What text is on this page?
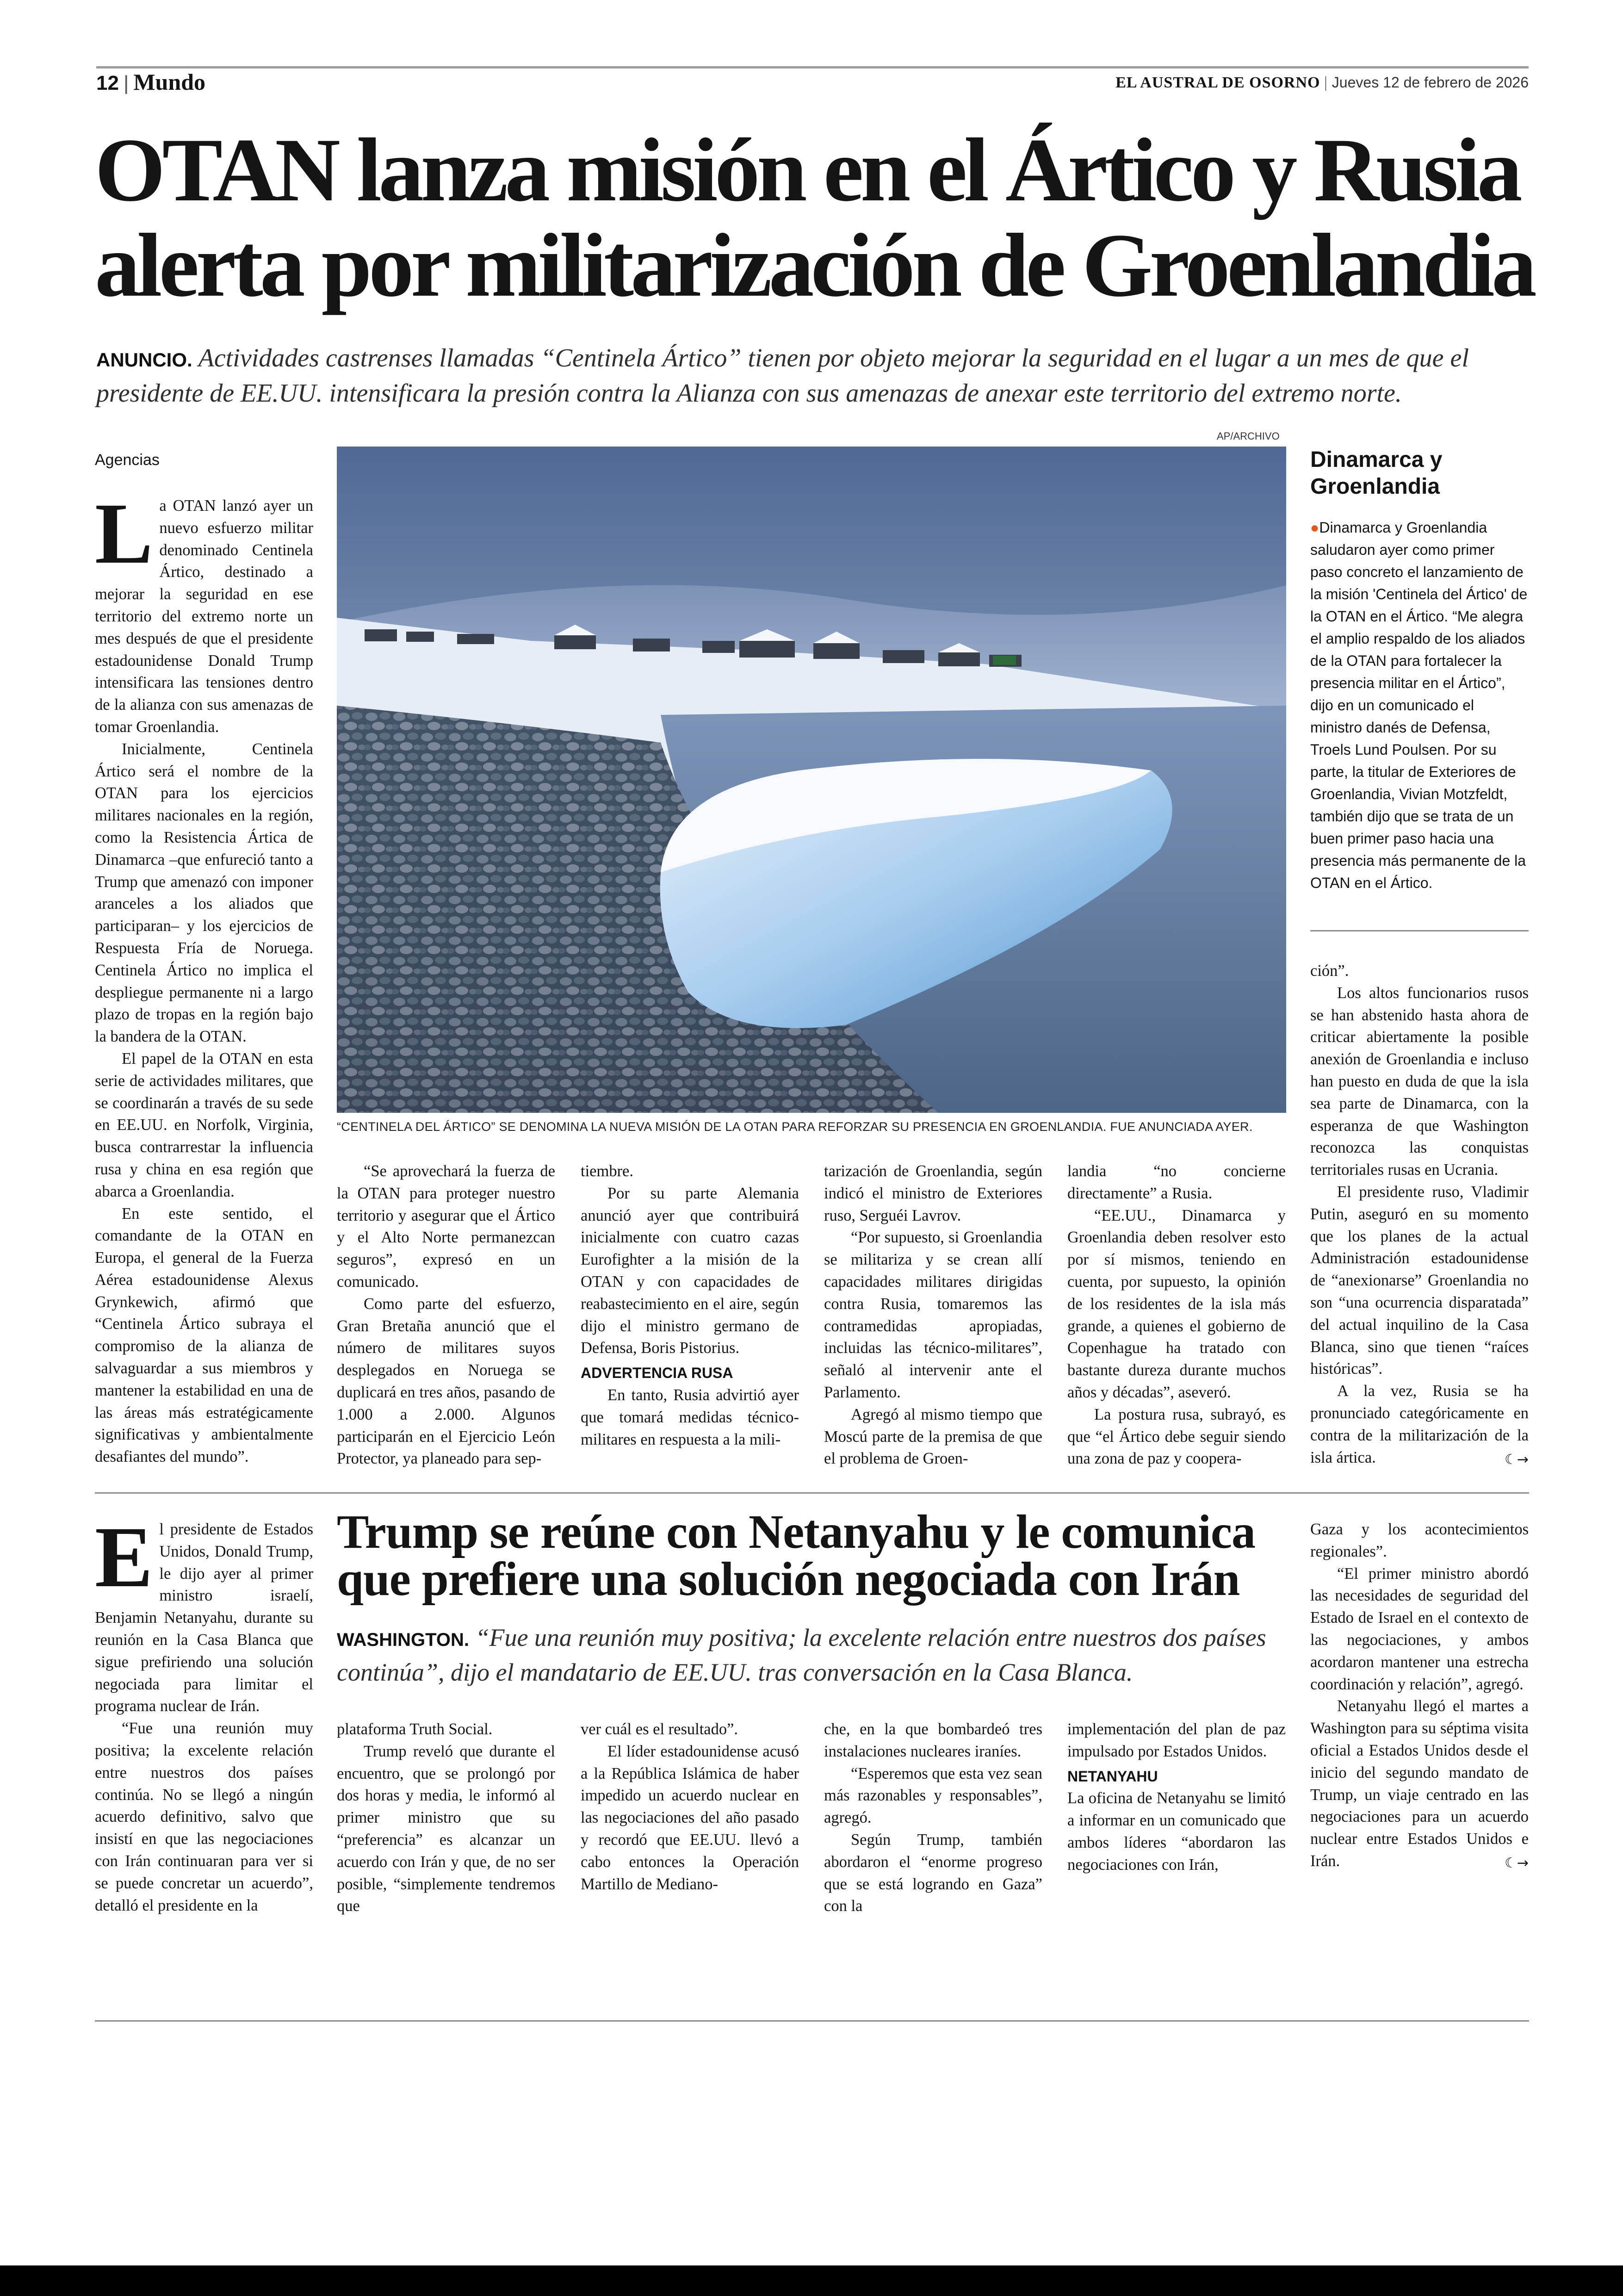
12 | Mundo	EL AUSTRAL DE OSORNO | Jueves 12 de febrero de 2026
OTAN lanza misión en el Ártico y Rusia
alerta por militarización de Groenlandia
ANUNCIO. Actividades castrenses llamadas “Centinela Ártico” tienen por objeto mejorar la seguridad en el lugar a un mes de que el presidente de EE.UU. intensificara la presión contra la Alianza con sus amenazas de anexar este territorio del extremo norte.
Agencias

La OTAN lanzó ayer un nuevo esfuerzo militar denominado Centinela Ártico, destinado a mejorar la seguridad en ese territorio del extremo norte un mes después de que el presidente estadounidense Donald Trump intensificara las tensiones dentro de la alianza con sus amenazas de tomar Groenlandia.

Inicialmente, Centinela Ártico será el nombre de la OTAN para los ejercicios militares nacionales en la región, como la Resistencia Ártica de Dinamarca –que enfureció tanto a Trump que amenazó con imponer aranceles a los aliados que participaran– y los ejercicios de Respuesta Fría de Noruega. Centinela Ártico no implica el despliegue permanente ni a largo plazo de tropas en la región bajo la bandera de la OTAN.

El papel de la OTAN en esta serie de actividades militares, que se coordinarán a través de su sede en EE.UU. en Norfolk, Virginia, busca contrarrestar la influencia rusa y china en esa región que abarca a Groenlandia.

En este sentido, el comandante de la OTAN en Europa, el general de la Fuerza Aérea estadounidense Alexus Grynkewich, afirmó que “Centinela Ártico subraya el compromiso de la alianza de salvaguardar a sus miembros y mantener la estabilidad en una de las áreas más estratégicamente significativas y ambientalmente desafiantes del mundo”.

AP/ARCHIVO
“CENTINELA DEL ÁRTICO” SE DENOMINA LA NUEVA MISIÓN DE LA OTAN PARA REFORZAR SU PRESENCIA EN GROENLANDIA. FUE ANUNCIADA AYER.

“Se aprovechará la fuerza de la OTAN para proteger nuestro territorio y asegurar que el Ártico y el Alto Norte permanezcan seguros”, expresó en un comunicado.

Como parte del esfuerzo, Gran Bretaña anunció que el número de militares suyos desplegados en Noruega se duplicará en tres años, pasando de 1.000 a 2.000. Algunos participarán en el Ejercicio León Protector, ya planeado para sep-

tiembre.

Por su parte Alemania anunció ayer que contribuirá inicialmente con cuatro cazas Eurofighter a la misión de la OTAN y con capacidades de reabastecimiento en el aire, según dijo el ministro germano de Defensa, Boris Pistorius.

ADVERTENCIA RUSA

En tanto, Rusia advirtió ayer que tomará medidas técnico-militares en respuesta a la mili-

tarización de Groenlandia, según indicó el ministro de Exteriores ruso, Serguéi Lavrov.

“Por supuesto, si Groenlandia se militariza y se crean allí capacidades militares dirigidas contra Rusia, tomaremos las contramedidas apropiadas, incluidas las técnico-militares”, señaló al intervenir ante el Parlamento.

Agregó al mismo tiempo que Moscú parte de la premisa de que el problema de Groen-

landia “no concierne directamente” a Rusia.

“EE.UU., Dinamarca y Groenlandia deben resolver esto por sí mismos, teniendo en cuenta, por supuesto, la opinión de los residentes de la isla más grande, a quienes el gobierno de Copenhague ha tratado con bastante dureza durante muchos años y décadas”, aseveró.

La postura rusa, subrayó, es que “el Ártico debe seguir siendo una zona de paz y coopera-

Dinamarca y
Groenlandia
●Dinamarca y Groenlandia saludaron ayer como primer paso concreto el lanzamiento de la misión 'Centinela del Ártico' de la OTAN en el Ártico. “Me alegra el amplio respaldo de los aliados de la OTAN para fortalecer la presencia militar en el Ártico”, dijo en un comunicado el ministro danés de Defensa, Troels Lund Poulsen. Por su parte, la titular de Exteriores de Groenlandia, Vivian Motzfeldt, también dijo que se trata de un buen primer paso hacia una presencia más permanente de la OTAN en el Ártico.

ción”.

Los altos funcionarios rusos se han abstenido hasta ahora de criticar abiertamente la posible anexión de Groenlandia e incluso han puesto en duda de que la isla sea parte de Dinamarca, con la esperanza de que Washington reconozca las conquistas territoriales rusas en Ucrania.

El presidente ruso, Vladimir Putin, aseguró en su momento que los planes de la actual Administración estadounidense de “anexionarse” Groenlandia no son “una ocurrencia disparatada” del actual inquilino de la Casa Blanca, sino que tienen “raíces históricas”.

A la vez, Rusia se ha pronunciado categóricamente en contra de la militarización de la isla ártica.	☾→

Trump se reúne con Netanyahu y le comunica
que prefiere una solución negociada con Irán
WASHINGTON. “Fue una reunión muy positiva; la excelente relación entre nuestros dos países continúa”, dijo el mandatario de EE.UU. tras conversación en la Casa Blanca.

El presidente de Estados Unidos, Donald Trump, le dijo ayer al primer ministro israelí, Benjamin Netanyahu, durante su reunión en la Casa Blanca que sigue prefiriendo una solución negociada para limitar el programa nuclear de Irán.

“Fue una reunión muy positiva; la excelente relación entre nuestros dos países continúa. No se llegó a ningún acuerdo definitivo, salvo que insistí en que las negociaciones con Irán continuaran para ver si se puede concretar un acuerdo”, detalló el presidente en la

plataforma Truth Social.

Trump reveló que durante el encuentro, que se prolongó por dos horas y media, le informó al primer ministro que su “preferencia” es alcanzar un acuerdo con Irán y que, de no ser posible, “simplemente tendremos que

ver cuál es el resultado”.

El líder estadounidense acusó a la República Islámica de haber impedido un acuerdo nuclear en las negociaciones del año pasado y recordó que EE.UU. llevó a cabo entonces la Operación Martillo de Mediano-

che, en la que bombardeó tres instalaciones nucleares iraníes.

“Esperemos que esta vez sean más razonables y responsables”, agregó.

Según Trump, también abordaron el “enorme progreso que se está logrando en Gaza” con la

implementación del plan de paz impulsado por Estados Unidos.

NETANYAHU

La oficina de Netanyahu se limitó a informar en un comunicado que ambos líderes “abordaron las negociaciones con Irán,

Gaza y los acontecimientos regionales”.

“El primer ministro abordó las necesidades de seguridad del Estado de Israel en el contexto de las negociaciones, y ambos acordaron mantener una estrecha coordinación y relación”, agregó.

Netanyahu llegó el martes a Washington para su séptima visita oficial a Estados Unidos desde el inicio del segundo mandato de Trump, un viaje centrado en las negociaciones para un acuerdo nuclear entre Estados Unidos e Irán.	☾→
